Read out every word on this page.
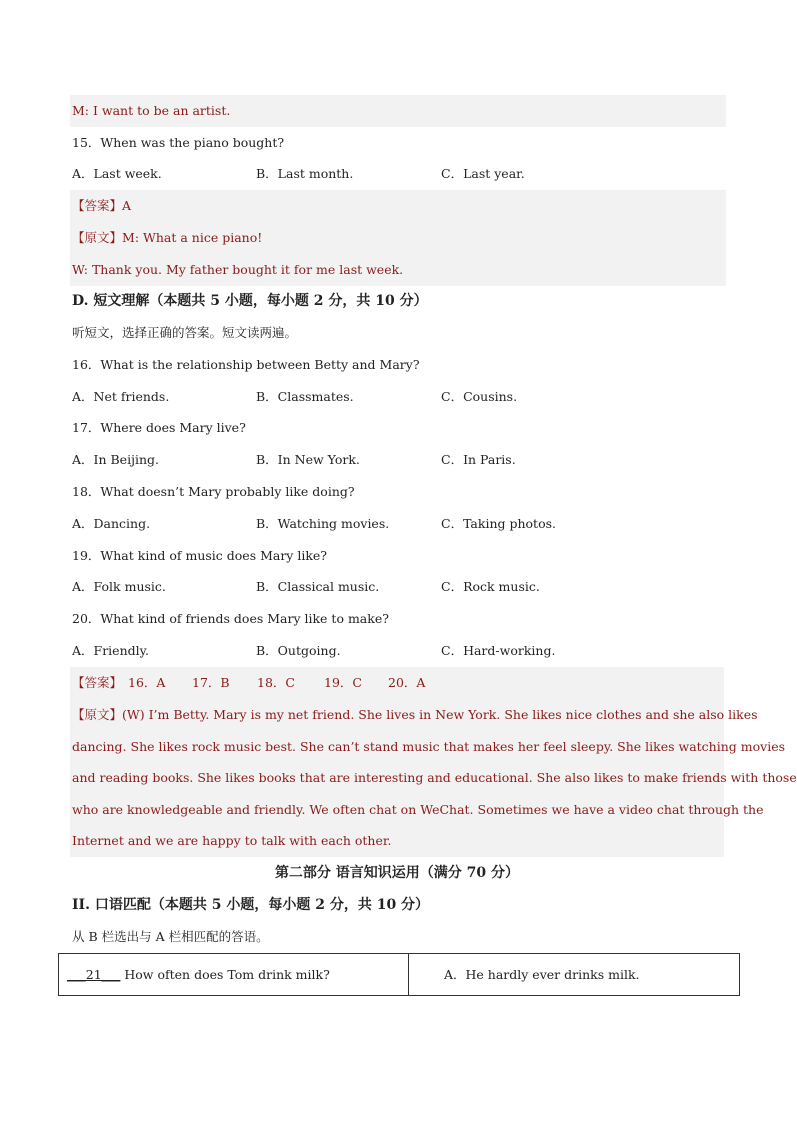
M: I want to be an artist.
15．When was the piano bought?
A．Last week.	B．Last month.	C．Last year.
【答案】A
【原文】M: What a nice piano!
W: Thank you. My father bought it for me last week.
D. 短文理解（本题共 5 小题，每小题 2 分，共 10 分）
听短文，选择正确的答案。短文读两遍。
16．What is the relationship between Betty and Mary?
A．Net friends.	B．Classmates.	C．Cousins.
17．Where does Mary live?
A．In Beijing.	B．In New York.	C．In Paris.
18．What doesn’t Mary probably like doing?
A．Dancing.	B．Watching movies.	C．Taking photos.
19．What kind of music does Mary like?
A．Folk music.	B．Classical music.	C．Rock music.
20．What kind of friends does Mary like to make?
A．Friendly.	B．Outgoing.	C．Hard-working.
【答案】 16．A 17．B 18．C 19．C 20．A
【原文】(W) I’m Betty. Mary is my net friend. She lives in New York. She likes nice clothes and she also likes
dancing. She likes rock music best. She can’t stand music that makes her feel sleepy. She likes watching movies
and reading books. She likes books that are interesting and educational. She also likes to make friends with those
who are knowledgeable and friendly. We often chat on WeChat. Sometimes we have a video chat through the
Internet and we are happy to talk with each other.
第二部分 语言知识运用（满分 70 分）
II. 口语匹配（本题共 5 小题，每小题 2 分，共 10 分）
从 B 栏选出与 A 栏相匹配的答语。
___21___ How often does Tom drink milk?	A．He hardly ever drinks milk.
